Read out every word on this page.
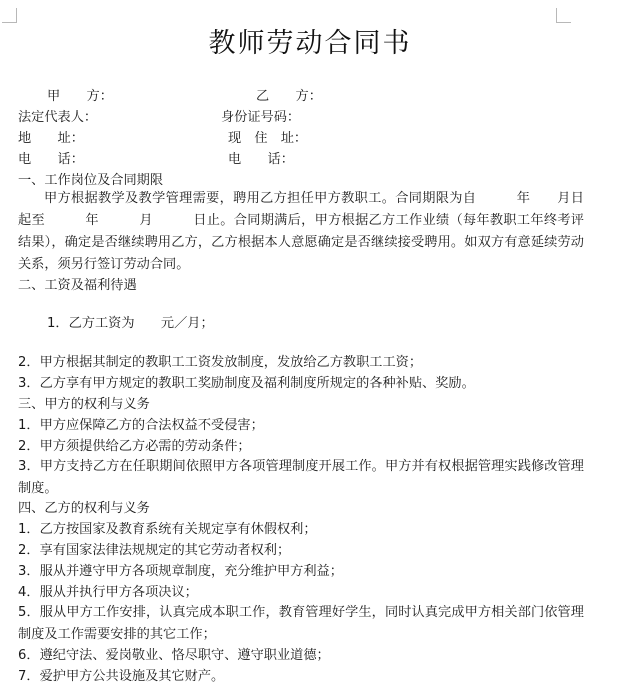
教师劳动合同书
甲　　方：	乙　　方：
法定代表人：	身份证号码：
地　　址：	现　住　址：
电　　话：	电　　话：
一、工作岗位及合同期限
甲方根据教学及教学管理需要，聘用乙方担任甲方教职工。合同期限为自　　　年　　月日起至　　　年　　　月　　　日止。合同期满后，甲方根据乙方工作业绩（每年教职工年终考评结果），确定是否继续聘用乙方，乙方根据本人意愿确定是否继续接受聘用。如双方有意延续劳动关系，须另行签订劳动合同。
二、工资及福利待遇
1．乙方工资为　　元／月；
2．甲方根据其制定的教职工工资发放制度，发放给乙方教职工工资；
3．乙方享有甲方规定的教职工奖励制度及福利制度所规定的各种补贴、奖励。
三、甲方的权利与义务
1．甲方应保障乙方的合法权益不受侵害；
2．甲方须提供给乙方必需的劳动条件；
3．甲方支持乙方在任职期间依照甲方各项管理制度开展工作。甲方并有权根据管理实践修改管理制度。
四、乙方的权利与义务
1．乙方按国家及教育系统有关规定享有休假权利；
2．享有国家法律法规规定的其它劳动者权利；
3．服从并遵守甲方各项规章制度，充分维护甲方利益；
4．服从并执行甲方各项决议；
5．服从甲方工作安排，认真完成本职工作，教育管理好学生，同时认真完成甲方相关部门依管理制度及工作需要安排的其它工作；
6．遵纪守法、爱岗敬业、恪尽职守、遵守职业道德；
7．爱护甲方公共设施及其它财产。
